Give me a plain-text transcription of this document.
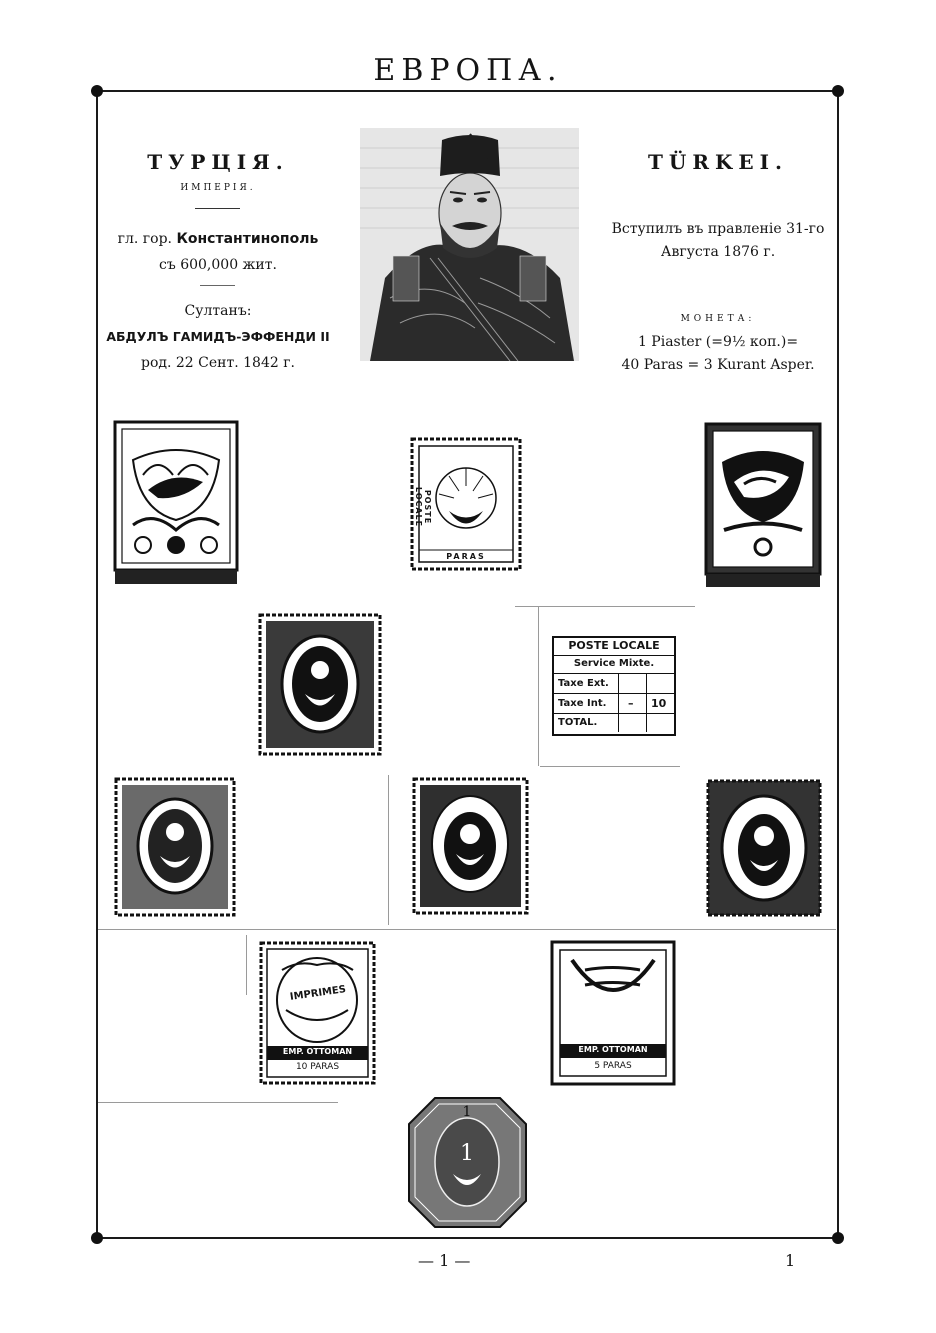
ЕВРОПА.
ТУРЦІЯ.
ИМПЕРІЯ.
гл. гор. Константинополь
съ 600,000 жит.
Султанъ:
АБДУЛЪ ГАМИДЪ-ЭФФЕНДИ II
род. 22 Сент. 1842 г.
TÜRKEI.
Вступилъ въ правленіе 31-го
Августа 1876 г.
МОНЕТА:
1 Piaster (=9½ коп.)=
40 Paras = 3 Kurant Asper.
POSTE LOCALE
PARAS
POSTE LOCALE
Service Mixte.
Taxe Ext.
Taxe Int. – 10
TOTAL.
IMPRIMES
EMP. OTTOMAN
10 PARAS
EMP. OTTOMAN
5 PARAS
1
1
— 1 —	1
